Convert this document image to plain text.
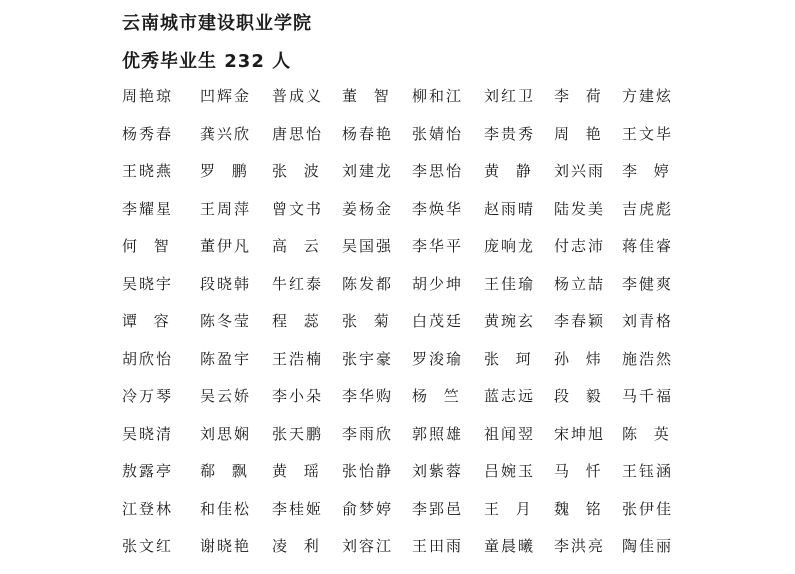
云南城市建设职业学院
优秀毕业生 232 人
周艳琼 凹辉金 普成义 董 智 柳和江 刘红卫 李 荷 方建炫
杨秀春 龚兴欣 唐思怡 杨春艳 张婧怡 李贵秀 周 艳 王文毕
王晓燕 罗 鹏 张 波 刘建龙 李思怡 黄 静 刘兴雨 李 婷
李耀星 王周萍 曾文书 姜杨金 李焕华 赵雨晴 陆发美 吉虎彪
何 智 董伊凡 高 云 吴国强 李华平 庞响龙 付志沛 蒋佳睿
吴晓宇 段晓韩 牛红泰 陈发都 胡少坤 王佳瑜 杨立喆 李健爽
谭 容 陈冬莹 程 蕊 张 菊 白茂廷 黄琬玄 李春颖 刘青格
胡欣怡 陈盈宇 王浩楠 张宇豪 罗浚瑜 张 珂 孙 炜 施浩然
冷万琴 吴云娇 李小朵 李华购 杨 竺 蓝志远 段 毅 马千福
吴晓清 刘思娴 张天鹏 李雨欣 郭照雄 祖闻翌 宋坤旭 陈 英
敖露亭 郗 飘 黄 瑶 张怡静 刘紫蓉 吕婉玉 马 忏 王钰涵
江登林 和佳松 李桂姬 俞梦婷 李郢邑 王 月 魏 铭 张伊佳
张文红 谢晓艳 凌 利 刘容江 王田雨 童晨曦 李洪亮 陶佳丽
